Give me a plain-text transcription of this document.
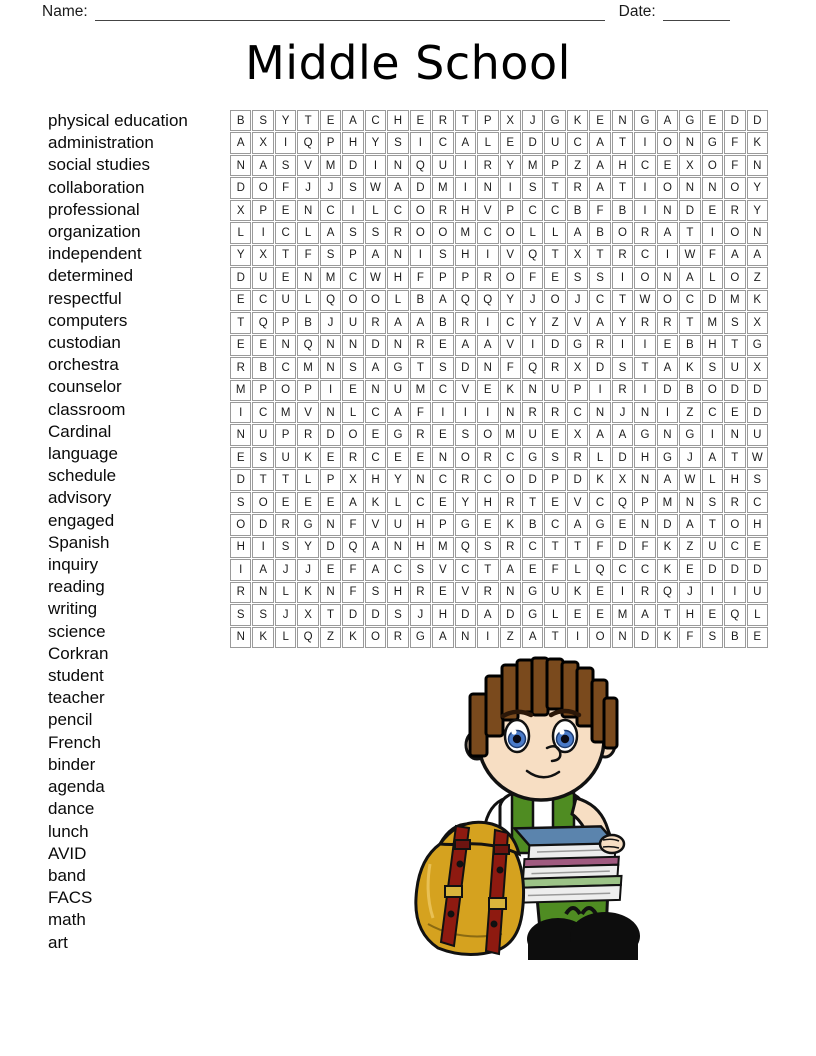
Name:	Date:
Middle School
physical education
administration
social studies
collaboration
professional
organization
independent
determined
respectful
computers
custodian
orchestra
counselor
classroom
Cardinal
language
schedule
advisory
engaged
Spanish
inquiry
reading
writing
science
Corkran
student
teacher
pencil
French
binder
agenda
dance
lunch
AVID
band
FACS
math
art
B	S	Y	T	E	A	C	H	E	R	T	P	X	J	G	K	E	N	G	A	G	E	D	D
A	X	I	Q	P	H	Y	S	I	C	A	L	E	D	U	C	A	T	I	O	N	G	F	K
N	A	S	V	M	D	I	N	Q	U	I	R	Y	M	P	Z	A	H	C	E	X	O	F	N
D	O	F	J	J	S	W	A	D	M	I	N	I	S	T	R	A	T	I	O	N	N	O	Y
X	P	E	N	C	I	L	C	O	R	H	V	P	C	C	B	F	B	I	N	D	E	R	Y
L	I	C	L	A	S	S	R	O	O	M	C	O	L	L	A	B	O	R	A	T	I	O	N
Y	X	T	F	S	P	A	N	I	S	H	I	V	Q	T	X	T	R	C	I	W	F	A	A
D	U	E	N	M	C	W	H	F	P	P	R	O	F	E	S	S	I	O	N	A	L	O	Z
E	C	U	L	Q	O	O	L	B	A	Q	Q	Y	J	O	J	C	T	W	O	C	D	M	K
T	Q	P	B	J	U	R	A	A	B	R	I	C	Y	Z	V	A	Y	R	R	T	M	S	X
E	E	N	Q	N	N	D	N	R	E	A	A	V	I	D	G	R	I	I	E	B	H	T	G
R	B	C	M	N	S	A	G	T	S	D	N	F	Q	R	X	D	S	T	A	K	S	U	X
M	P	O	P	I	E	N	U	M	C	V	E	K	N	U	P	I	R	I	D	B	O	D	D
I	C	M	V	N	L	C	A	F	I	I	I	N	R	R	C	N	J	N	I	Z	C	E	D
N	U	P	R	D	O	E	G	R	E	S	O	M	U	E	X	A	A	G	N	G	I	N	U
E	S	U	K	E	R	C	E	E	N	O	R	C	G	S	R	L	D	H	G	J	A	T	W
D	T	T	L	P	X	H	Y	N	C	R	C	O	D	P	D	K	X	N	A	W	L	H	S
S	O	E	E	E	A	K	L	C	E	Y	H	R	T	E	V	C	Q	P	M	N	S	R	C
O	D	R	G	N	F	V	U	H	P	G	E	K	B	C	A	G	E	N	D	A	T	O	H
H	I	S	Y	D	Q	A	N	H	M	Q	S	R	C	T	T	F	D	F	K	Z	U	C	E
I	A	J	J	E	F	A	C	S	V	C	T	A	E	F	L	Q	C	C	K	E	D	D	D
R	N	L	K	N	F	S	H	R	E	V	R	N	G	U	K	E	I	R	Q	J	I	I	U
S	S	J	X	T	D	D	S	J	H	D	A	D	G	L	E	E	M	A	T	H	E	Q	L
N	K	L	Q	Z	K	O	R	G	A	N	I	Z	A	T	I	O	N	D	K	F	S	B	E
